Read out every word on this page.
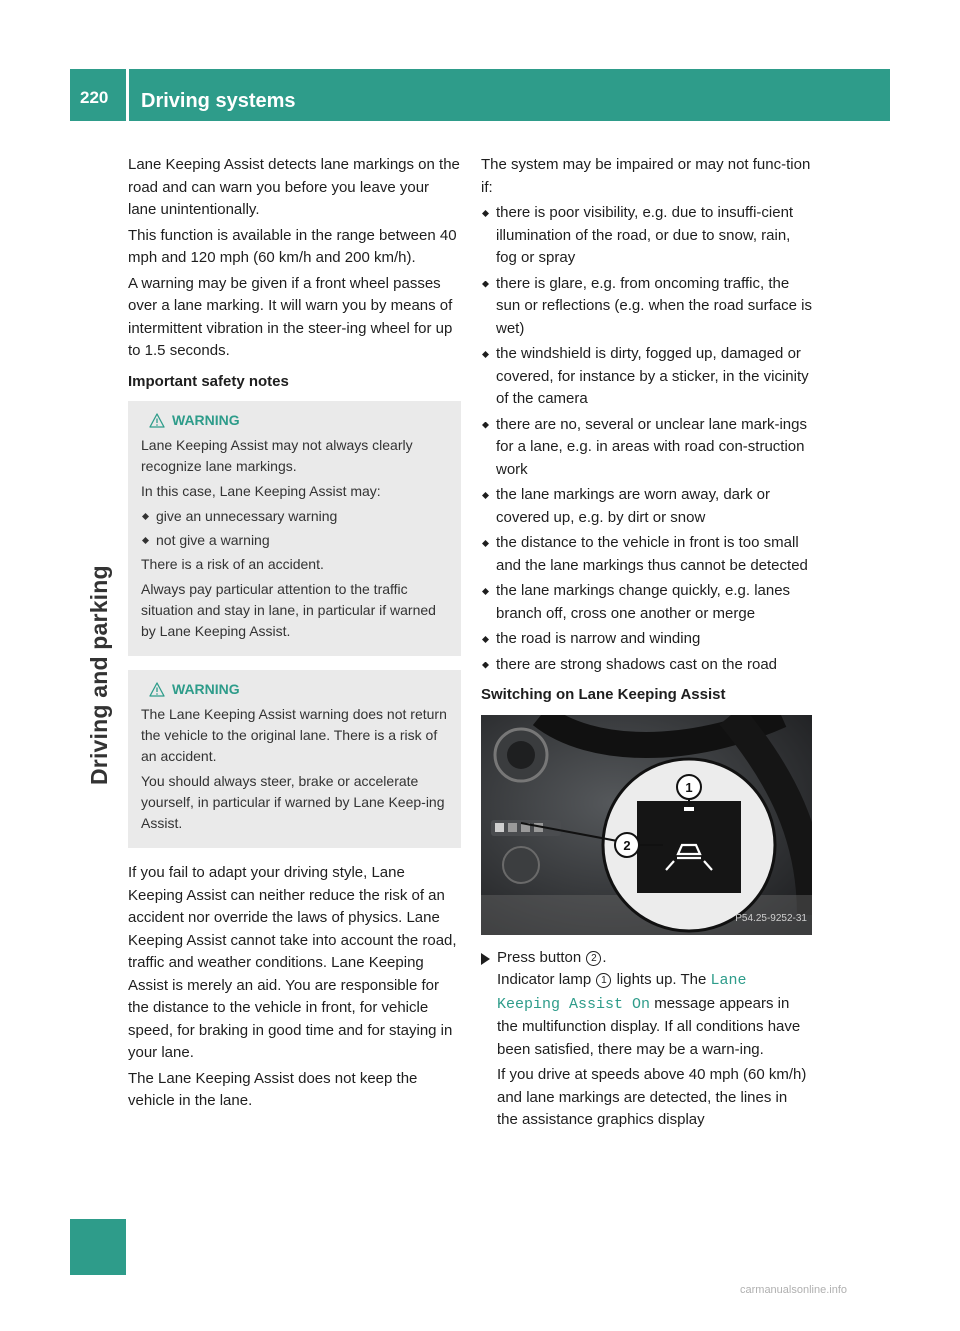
220	Driving systems
Driving and parking

Lane Keeping Assist detects lane markings on the road and can warn you before you leave your lane unintentionally.

This function is available in the range between 40 mph and 120 mph (60 km/h and 200 km/h).

A warning may be given if a front wheel passes over a lane marking. It will warn you by means of intermittent vibration in the steer-ing wheel for up to 1.5 seconds.

Important safety notes

WARNING

Lane Keeping Assist may not always clearly recognize lane markings.

In this case, Lane Keeping Assist may:

give an unnecessary warning
not give a warning

There is a risk of an accident.

Always pay particular attention to the traffic situation and stay in lane, in particular if warned by Lane Keeping Assist.

WARNING

The Lane Keeping Assist warning does not return the vehicle to the original lane. There is a risk of an accident.

You should always steer, brake or accelerate yourself, in particular if warned by Lane Keep-ing Assist.

If you fail to adapt your driving style, Lane Keeping Assist can neither reduce the risk of an accident nor override the laws of physics. Lane Keeping Assist cannot take into account the road, traffic and weather conditions. Lane Keeping Assist is merely an aid. You are responsible for the distance to the vehicle in front, for vehicle speed, for braking in good time and for staying in your lane.

The Lane Keeping Assist does not keep the vehicle in the lane.

The system may be impaired or may not func-tion if:

there is poor visibility, e.g. due to insuffi-cient illumination of the road, or due to snow, rain, fog or spray
there is glare, e.g. from oncoming traffic, the sun or reflections (e.g. when the road surface is wet)
the windshield is dirty, fogged up, damaged or covered, for instance by a sticker, in the vicinity of the camera
there are no, several or unclear lane mark-ings for a lane, e.g. in areas with road con-struction work
the lane markings are worn away, dark or covered up, e.g. by dirt or snow
the distance to the vehicle in front is too small and the lane markings thus cannot be detected
the lane markings change quickly, e.g. lanes branch off, cross one another or merge
the road is narrow and winding
there are strong shadows cast on the road

Switching on Lane Keeping Assist

1
2
P54.25-9252-31

Press button 2 .
Indicator lamp 1 lights up. The Lane Keeping Assist On message appears in the multifunction display. If all conditions have been satisfied, there may be a warn-ing.

If you drive at speeds above 40 mph (60 km/h) and lane markings are detected, the lines in the assistance graphics display

carmanualsonline.info
